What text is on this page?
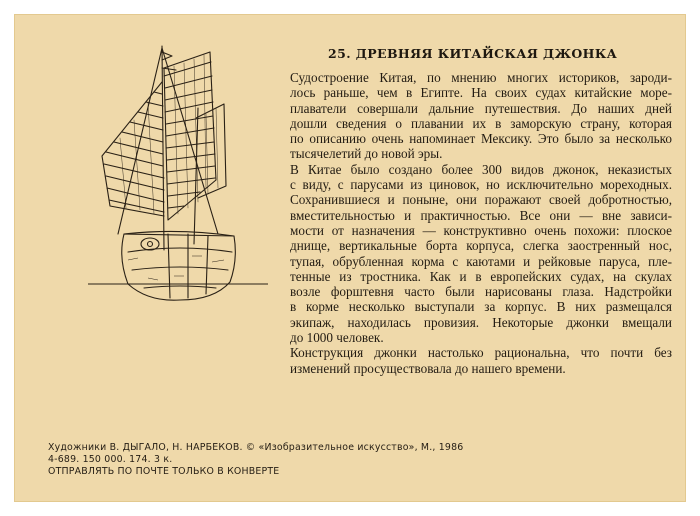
25. ДРЕВНЯЯ КИТАЙСКАЯ ДЖОНКА

Судостроение Китая, по мнению многих историков, зароди-
лось раньше, чем в Египте. На своих судах китайские море-
плаватели совершали дальние путешествия. До наших дней
дошли сведения о плавании их в заморскую страну, которая
по описанию очень напоминает Мексику. Это было за несколько
тысячелетий до новой эры.

В Китае было создано более 300 видов джонок, неказистых
с виду, с парусами из циновок, но исключительно мореходных.
Сохранившиеся и поныне, они поражают своей добротностью,
вместительностью и практичностью. Все они — вне зависи-
мости от назначения — конструктивно очень похожи: плоское
днище, вертикальные борта корпуса, слегка заостренный нос,
тупая, обрубленная корма с каютами и рейковые паруса, пле-
тенные из тростника. Как и в европейских судах, на скулах
возле форштевня часто были нарисованы глаза. Надстройки
в корме несколько выступали за корпус. В них размещался
экипаж, находилась провизия. Некоторые джонки вмещали
до 1000 человек.

Конструкция джонки настолько рациональна, что почти без
изменений просуществовала до нашего времени.

Художники В. ДЫГАЛО, Н. НАРБЕКОВ. © «Изобразительное искусство», М., 1986
4-689. 150 000. 174. 3 к.
ОТПРАВЛЯТЬ ПО ПОЧТЕ ТОЛЬКО В КОНВЕРТЕ
